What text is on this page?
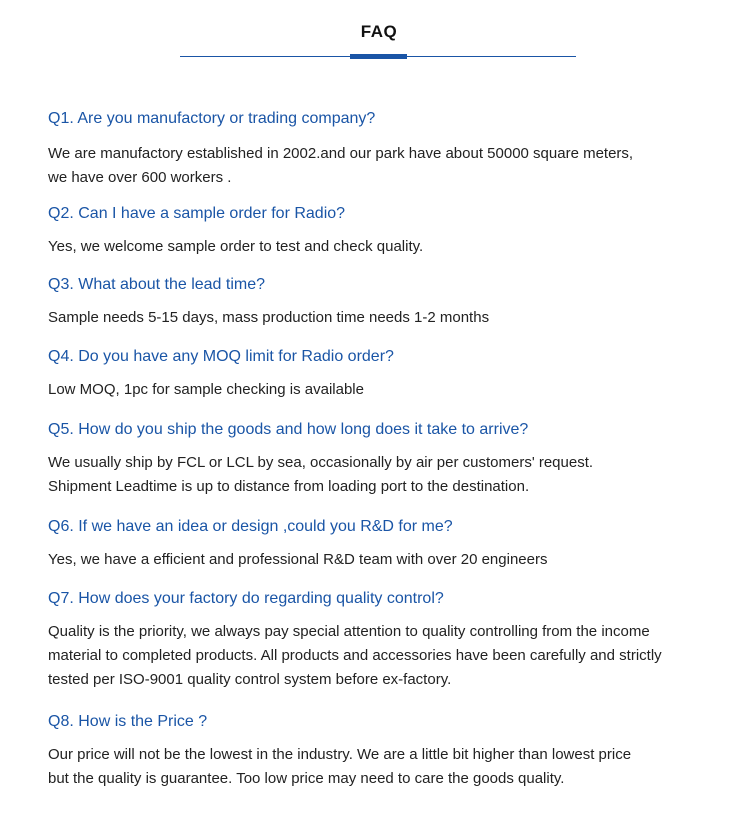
FAQ
Q1. Are you manufactory or trading company?
We are manufactory established in 2002.and our park have about 50000 square meters,
we have over 600 workers .
Q2. Can I have a sample order for Radio?
Yes, we welcome sample order to test and check quality.
Q3. What about the lead time?
Sample needs 5-15 days, mass production time needs 1-2 months
Q4. Do you have any MOQ limit for Radio order?
Low MOQ, 1pc for sample checking is available
Q5. How do you ship the goods and how long does it take to arrive?
We usually ship by FCL or LCL by sea, occasionally by air per customers' request.
Shipment Leadtime is up to distance from loading port to the destination.
Q6. If we have an idea or design ,could you R&D for me?
Yes, we have a efficient and professional R&D team with over 20 engineers
Q7. How does your factory do regarding quality control?
Quality is the priority, we always pay special attention to quality controlling from the income
material to completed products. All products and accessories have been carefully and strictly
tested per ISO-9001 quality control system before ex-factory.
Q8. How is the Price ?
Our price will not be the lowest in the industry. We are a little bit higher than lowest price
but the quality is guarantee. Too low price may need to care the goods quality.
